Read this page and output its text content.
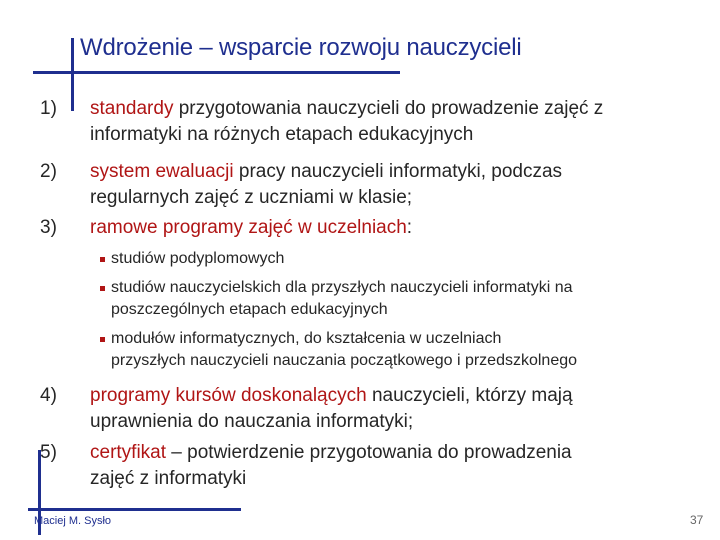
Wdrożenie – wsparcie rozwoju nauczycieli
1) standardy przygotowania nauczycieli do prowadzenie zajęć z
informatyki na różnych etapach edukacyjnych
2) system ewaluacji pracy nauczycieli informatyki, podczas
regularnych zajęć z uczniami w klasie;
3) ramowe programy zajęć w uczelniach:
studiów podyplomowych
studiów nauczycielskich dla przyszłych nauczycieli informatyki na
poszczególnych etapach edukacyjnych
modułów informatycznych, do kształcenia w uczelniach
przyszłych nauczycieli nauczania początkowego i przedszkolnego
4) programy kursów doskonalących nauczycieli, którzy mają
uprawnienia do nauczania informatyki;
5) certyfikat – potwierdzenie przygotowania do prowadzenia
zajęć z informatyki
Maciej M. Sysło	37
